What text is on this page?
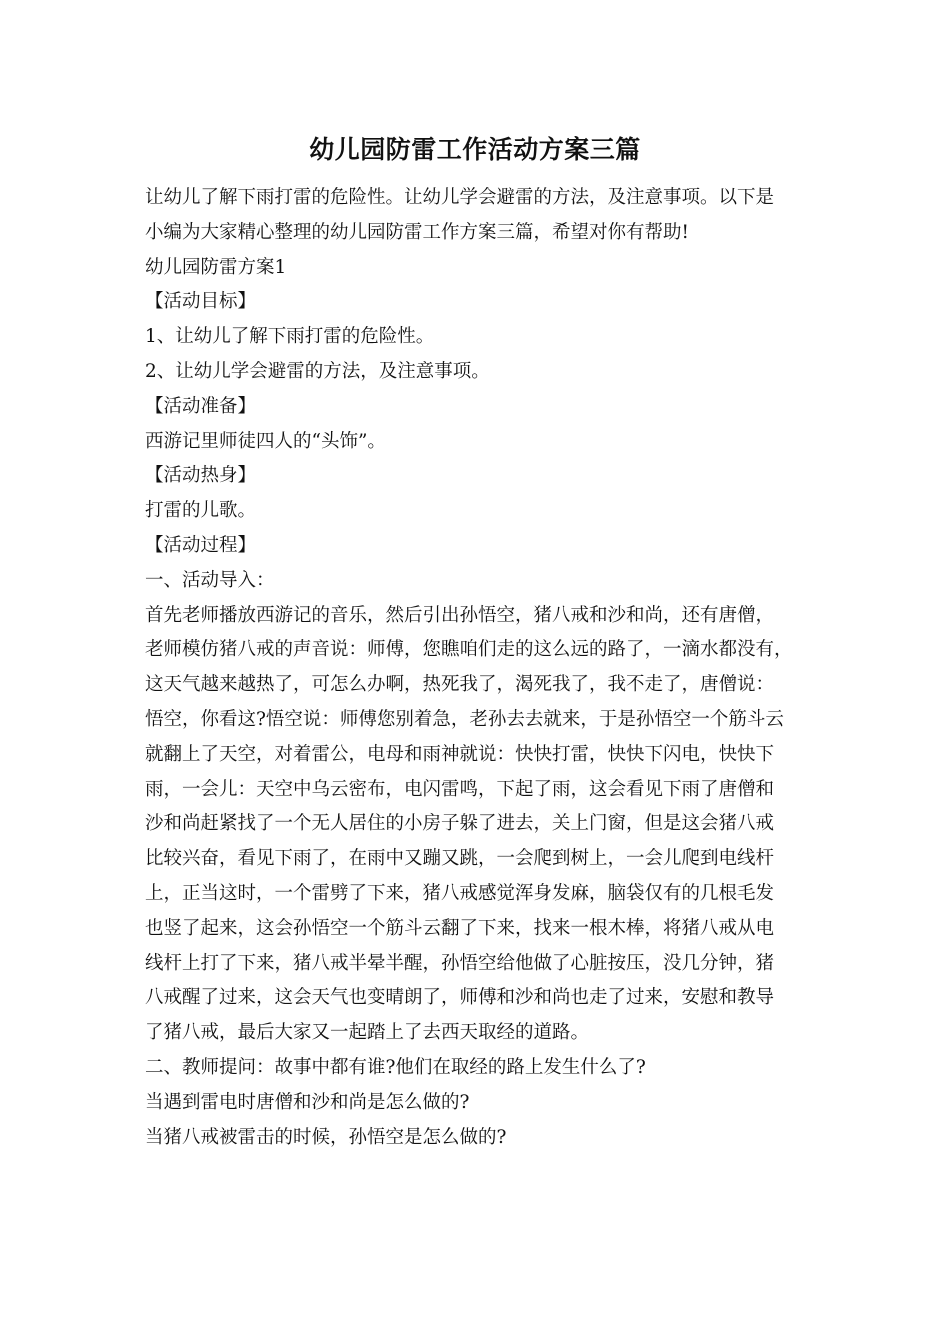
幼儿园防雷工作活动方案三篇
让幼儿了解下雨打雷的危险性。让幼儿学会避雷的方法，及注意事项。以下是
小编为大家精心整理的幼儿园防雷工作方案三篇，希望对你有帮助!
幼儿园防雷方案1
【活动目标】
1、让幼儿了解下雨打雷的危险性。
2、让幼儿学会避雷的方法，及注意事项。
【活动准备】
西游记里师徒四人的“头饰”。
【活动热身】
打雷的儿歌。
【活动过程】
一、活动导入：
首先老师播放西游记的音乐，然后引出孙悟空，猪八戒和沙和尚，还有唐僧，
老师模仿猪八戒的声音说：师傅，您瞧咱们走的这么远的路了，一滴水都没有，
这天气越来越热了，可怎么办啊，热死我了，渴死我了，我不走了，唐僧说：
悟空，你看这?悟空说：师傅您别着急，老孙去去就来，于是孙悟空一个筋斗云
就翻上了天空，对着雷公，电母和雨神就说：快快打雷，快快下闪电，快快下
雨，一会儿：天空中乌云密布，电闪雷鸣，下起了雨，这会看见下雨了唐僧和
沙和尚赶紧找了一个无人居住的小房子躲了进去，关上门窗，但是这会猪八戒
比较兴奋，看见下雨了，在雨中又蹦又跳，一会爬到树上，一会儿爬到电线杆
上，正当这时，一个雷劈了下来，猪八戒感觉浑身发麻，脑袋仅有的几根毛发
也竖了起来，这会孙悟空一个筋斗云翻了下来，找来一根木棒，将猪八戒从电
线杆上打了下来，猪八戒半晕半醒，孙悟空给他做了心脏按压，没几分钟，猪
八戒醒了过来，这会天气也变晴朗了，师傅和沙和尚也走了过来，安慰和教导
了猪八戒，最后大家又一起踏上了去西天取经的道路。
二、教师提问：故事中都有谁?他们在取经的路上发生什么了?
当遇到雷电时唐僧和沙和尚是怎么做的?
当猪八戒被雷击的时候，孙悟空是怎么做的?
